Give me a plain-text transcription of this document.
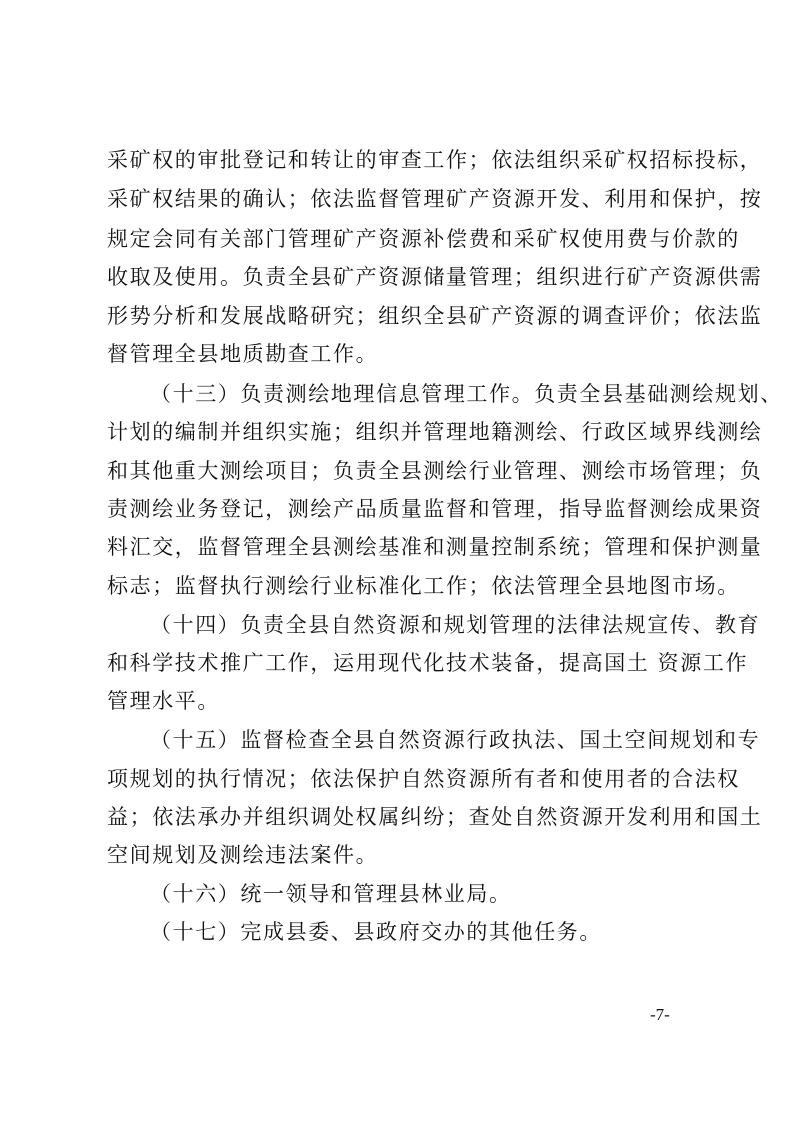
采矿权的审批登记和转让的审查工作；依法组织采矿权招标投标，
采矿权结果的确认；依法监督管理矿产资源开发、利用和保护，按
规定会同有关部门管理矿产资源补偿费和采矿权使用费与价款的
收取及使用。负责全县矿产资源储量管理；组织进行矿产资源供需
形势分析和发展战略研究；组织全县矿产资源的调查评价；依法监
督管理全县地质勘查工作。
（十三）负责测绘地理信息管理工作。负责全县基础测绘规划、
计划的编制并组织实施；组织并管理地籍测绘、行政区域界线测绘
和其他重大测绘项目；负责全县测绘行业管理、测绘市场管理；负
责测绘业务登记，测绘产品质量监督和管理，指导监督测绘成果资
料汇交，监督管理全县测绘基准和测量控制系统；管理和保护测量
标志；监督执行测绘行业标准化工作；依法管理全县地图市场。
（十四）负责全县自然资源和规划管理的法律法规宣传、教育
和科学技术推广工作，运用现代化技术装备，提高国土 资源工作
管理水平。
（十五）监督检查全县自然资源行政执法、国土空间规划和专
项规划的执行情况；依法保护自然资源所有者和使用者的合法权
益；依法承办并组织调处权属纠纷；查处自然资源开发利用和国土
空间规划及测绘违法案件。
（十六）统一领导和管理县林业局。
（十七）完成县委、县政府交办的其他任务。
-7-
